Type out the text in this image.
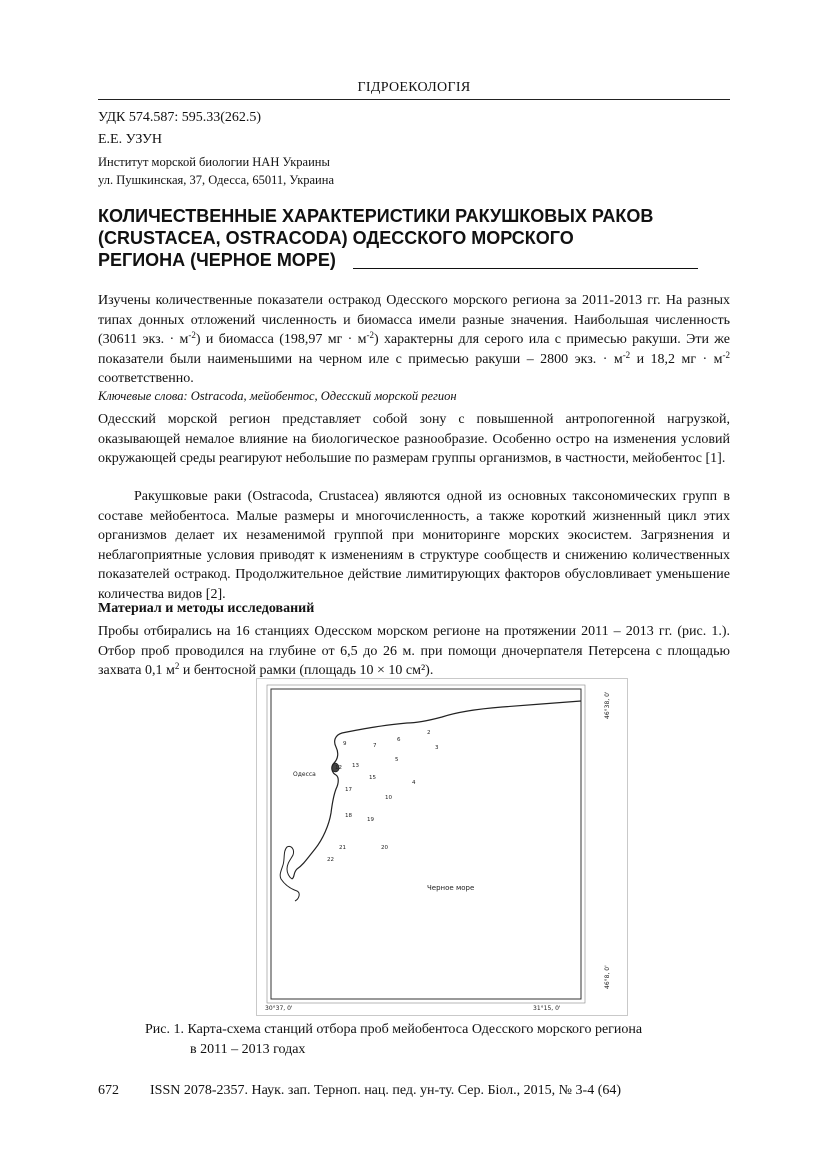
ГІДРОЕКОЛОГІЯ
УДК 574.587: 595.33(262.5)
Е.Е. УЗУН
Институт морской биологии НАН Украины
ул. Пушкинская, 37, Одесса, 65011, Украина
КОЛИЧЕСТВЕННЫЕ ХАРАКТЕРИСТИКИ РАКУШКОВЫХ РАКОВ
(CRUSTACEA, OSTRACODA) ОДЕССКОГО МОРСКОГО
РЕГИОНА (ЧЕРНОЕ МОРЕ)
Изучены количественные показатели остракод Одесского морского региона за 2011-2013 гг. На разных типах донных отложений численность и биомасса имели разные значения. Наибольшая численность (30611 экз. · $м^{-2}$) и биомасса (198,97 мг · $м^{-2}$) характерны для серого ила с примесью ракуши. Эти же показатели были наименьшими на черном иле с примесью ракуши – 2800 экз. · $м^{-2}$ и 18,2 мг · $м^{-2}$ соответственно.
Ключевые слова: Ostracoda, мейобентос, Одесский морской регион
Одесский морской регион представляет собой зону с повышенной антропогенной нагрузкой, оказывающей немалое влияние на биологическое разнообразие. Особенно остро на изменения условий окружающей среды реагируют небольшие по размерам группы организмов, в частности, мейобентос [1].
Ракушковые раки (Ostracoda, Crustacea) являются одной из основных таксономических групп в составе мейобентоса. Малые размеры и многочисленность, а также короткий жизненный цикл этих организмов делает их незаменимой группой при мониторинге морских экосистем. Загрязнения и неблагоприятные условия приводят к изменениям в структуре сообществ и снижению количественных показателей остракод. Продолжительное действие лимитирующих факторов обусловливает уменьшение количества видов [2].
Материал и методы исследований
Пробы отбирались на 16 станциях Одесском морском регионе на протяжении 2011 – 2013 гг. (рис. 1.). Отбор проб проводился на глубине от 6,5 до 26 м. при помощи дночерпателя Петерсена с площадью захвата 0,1 $м^2$ и бентосной рамки (площадь 10 × 10 см²).
Одесса
Черное море
46°38, 0'
46°8, 0'
30°37, 0'	31°15, 0'
2
3
4
5
6
7
9
10
12 13
15
17
18
19
20
21
22
Рис. 1. Карта-схема станций отбора проб мейобентоса Одесского морского региона
в 2011 – 2013 годах
672 ISSN 2078-2357. Наук. зап. Терноп. нац. пед. ун-ту. Сер. Біол., 2015, № 3-4 (64)
